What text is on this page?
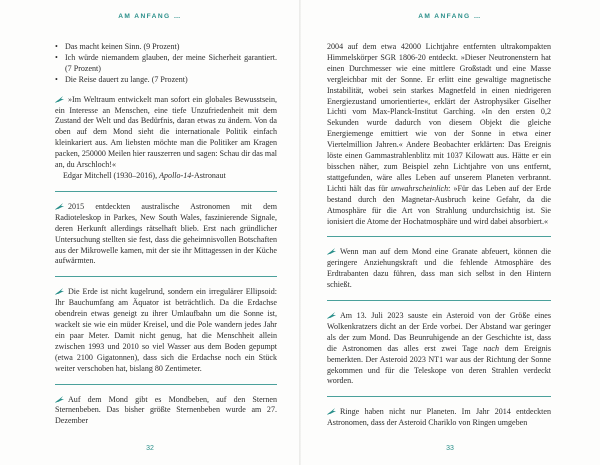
AM ANFANG …
• Das macht keinen Sinn. (9 Prozent)
• Ich würde niemandem glauben, der meine Sicherheit garantiert. (7 Prozent)
• Die Reise dauert zu lange. (7 Prozent)

»Im Weltraum entwickelt man sofort ein globales Bewusstsein, ein Interesse an Menschen, eine tiefe Unzufriedenheit mit dem Zustand der Welt und das Bedürfnis, daran etwas zu ändern. Von da oben auf dem Mond sieht die internationale Politik einfach kleinkariert aus. Am liebsten möchte man die Politiker am Kragen packen, 250000 Meilen hier rauszerren und sagen: Schau dir das mal an, du Arschloch!«

Edgar Mitchell (1930–2016), Apollo-14-Astronaut

2015 entdeckten australische Astronomen mit dem Radioteleskop in Parkes, New South Wales, faszinierende Signale, deren Herkunft allerdings rätselhaft blieb. Erst nach gründlicher Untersuchung stellten sie fest, dass die geheimnisvollen Botschaften aus der Mikrowelle kamen, mit der sie ihr Mittagessen in der Küche aufwärmten.

Die Erde ist nicht kugelrund, sondern ein irregulärer Ellipsoid: Ihr Bauchumfang am Äquator ist beträchtlich. Da die Erdachse obendrein etwas geneigt zu ihrer Umlaufbahn um die Sonne ist, wackelt sie wie ein müder Kreisel, und die Pole wandern jedes Jahr ein paar Meter. Damit nicht genug, hat die Menschheit allein zwischen 1993 und 2010 so viel Wasser aus dem Boden gepumpt (etwa 2100 Gigatonnen), dass sich die Erdachse noch ein Stück weiter verschoben hat, bislang 80 Zentimeter.

Auf dem Mond gibt es Mondbeben, auf den Sternen Sternenbeben. Das bisher größte Sternenbeben wurde am 27. Dezember

32
AM ANFANG …

2004 auf dem etwa 42000 Lichtjahre entfernten ultrakompakten Himmelskörper SGR 1806-20 entdeckt. »Dieser Neutronenstern hat einen Durchmesser wie eine mittlere Großstadt und eine Masse vergleichbar mit der Sonne. Er erlitt eine gewaltige magnetische Instabilität, wobei sein starkes Magnetfeld in einen niedrigeren Energiezustand umorientierte«, erklärt der Astrophysiker Giselher Lichti vom Max-Planck-Institut Garching. »In den ersten 0,2 Sekunden wurde dadurch von diesem Objekt die gleiche Energiemenge emittiert wie von der Sonne in etwa einer Viertelmillion Jahren.« Andere Beobachter erklärten: Das Ereignis löste einen Gammastrahlenblitz mit 1037 Kilowatt aus. Hätte er ein bisschen näher, zum Beispiel zehn Lichtjahre von uns entfernt, stattgefunden, wäre alles Leben auf unserem Planeten verbrannt. Lichti hält das für unwahrscheinlich: »Für das Leben auf der Erde bestand durch den Magnetar-Ausbruch keine Gefahr, da die Atmosphäre für die Art von Strahlung undurchsichtig ist. Sie ionisiert die Atome der Hochatmosphäre und wird dabei absorbiert.«

Wenn man auf dem Mond eine Granate abfeuert, können die geringere Anziehungskraft und die fehlende Atmosphäre des Erdtrabanten dazu führen, dass man sich selbst in den Hintern schießt.

Am 13. Juli 2023 sauste ein Asteroid von der Größe eines Wolkenkratzers dicht an der Erde vorbei. Der Abstand war geringer als der zum Mond. Das Beunruhigende an der Geschichte ist, dass die Astronomen das alles erst zwei Tage nach dem Ereignis bemerkten. Der Asteroid 2023 NT1 war aus der Richtung der Sonne gekommen und für die Teleskope von deren Strahlen verdeckt worden.

Ringe haben nicht nur Planeten. Im Jahr 2014 entdeckten Astronomen, dass der Asteroid Chariklo von Ringen umgeben

33
